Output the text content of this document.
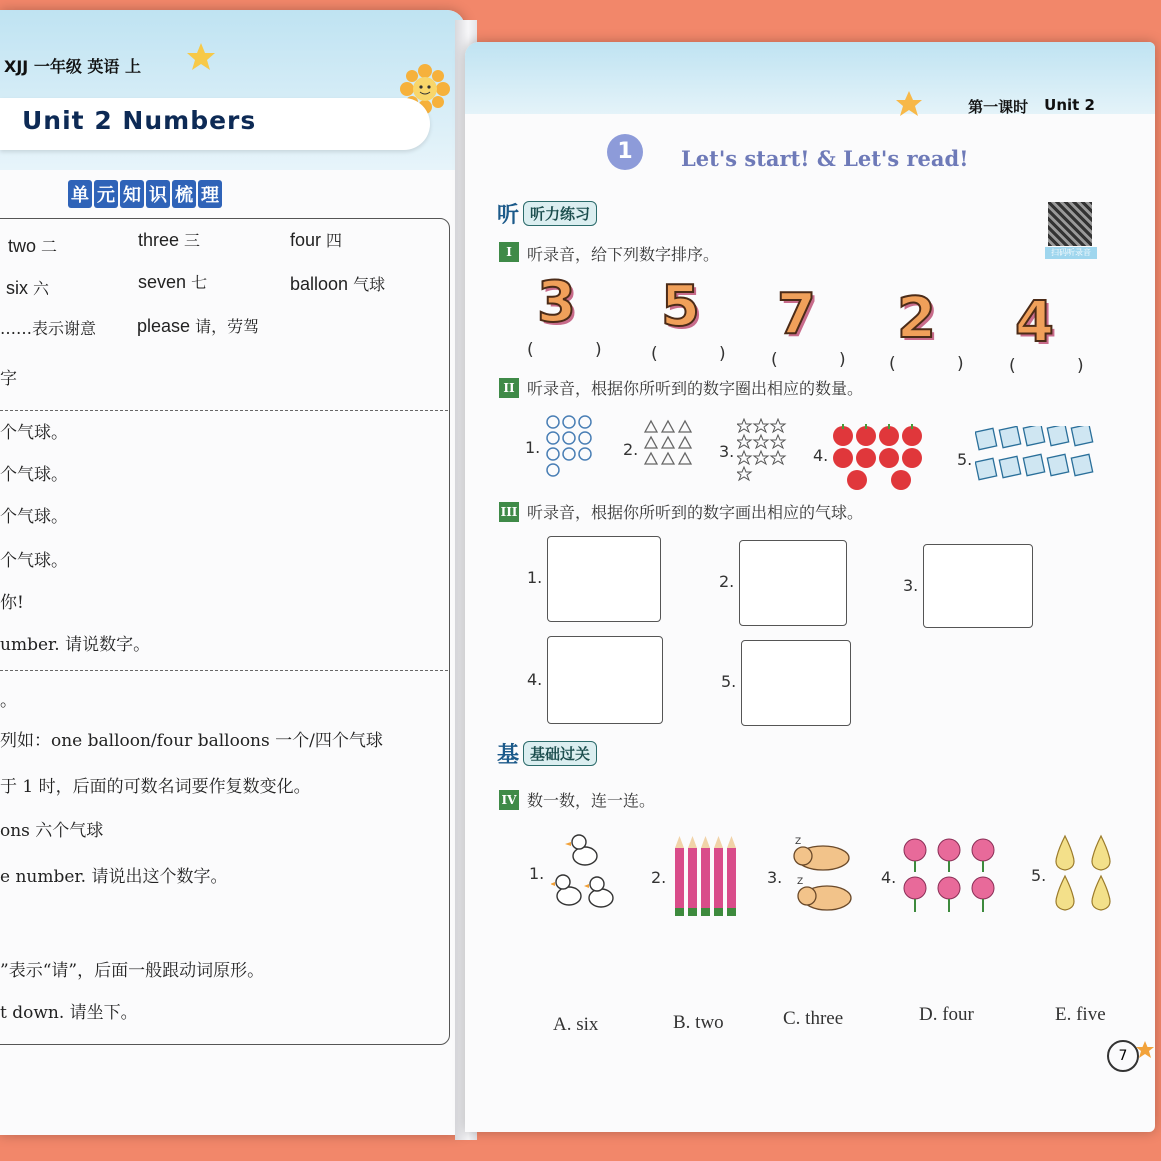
XJJ 一年级 英语 上
Unit 2 Numbers
单 元 知 识 梳 理
two 二	three 三	four 四
six 六	seven 七	balloon 气球
……表示谢意 please 请，劳驾
字
个气球。
个气球。
个气球。
个气球。
你!
umber. 请说数字。
。
列如：one balloon/four balloons 一个/四个气球
于 1 时，后面的可数名词要作复数变化。
ons 六个气球
e number. 请说出这个数字。
”表示“请”，后面一般跟动词原形。
t down. 请坐下。
第一课时 Unit 2
1	Let's start! & Let's read!
听 听力练习
扫码听录音
I 听录音，给下列数字排序。
3 5 7 2 4
( ) ( ) ( ) ( ) ( )
II 听录音，根据你所听到的数字圈出相应的数量。
1.	2.	3.	4.	5.
III 听录音，根据你所听到的数字画出相应的气球。
1.	2.	3.
4.	5.
基 基础过关
IV 数一数，连一连。
1.	2.	3.
Z
Z	4.	5.
A. six	B. two	C. three	D. four	E. five
7
